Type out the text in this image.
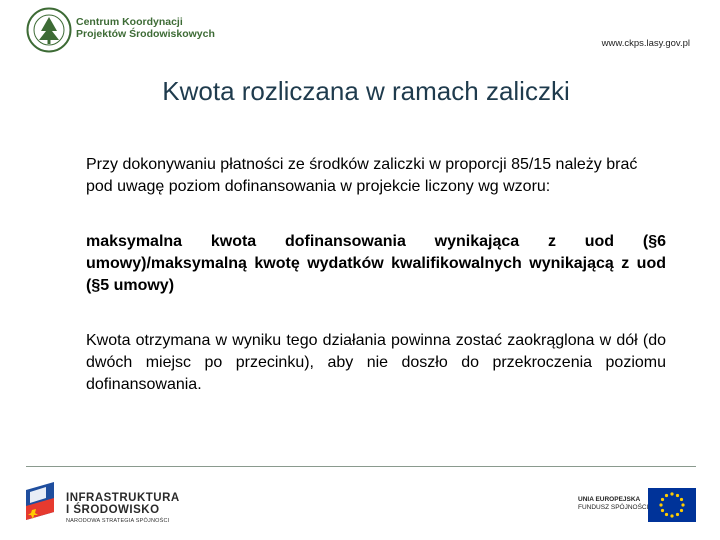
Centrum Koordynacji
Projektów Środowiskowych
www.ckps.lasy.gov.pl
Kwota rozliczana w ramach zaliczki
Przy dokonywaniu płatności ze środków zaliczki w proporcji 85/15 należy brać pod uwagę poziom dofinansowania w projekcie liczony wg wzoru:
maksymalna kwota dofinansowania wynikająca z uod (§6 umowy)/maksymalną kwotę wydatków kwalifikowalnych wynikającą z uod (§5 umowy)
Kwota otrzymana w wyniku tego działania powinna zostać zaokrąglona w dół (do dwóch miejsc po przecinku), aby nie doszło do przekroczenia poziomu dofinansowania.
INFRASTRUKTURA
I ŚRODOWISKO
NARODOWA STRATEGIA SPÓJNOŚCI
UNIA EUROPEJSKA
FUNDUSZ SPÓJNOŚCI
